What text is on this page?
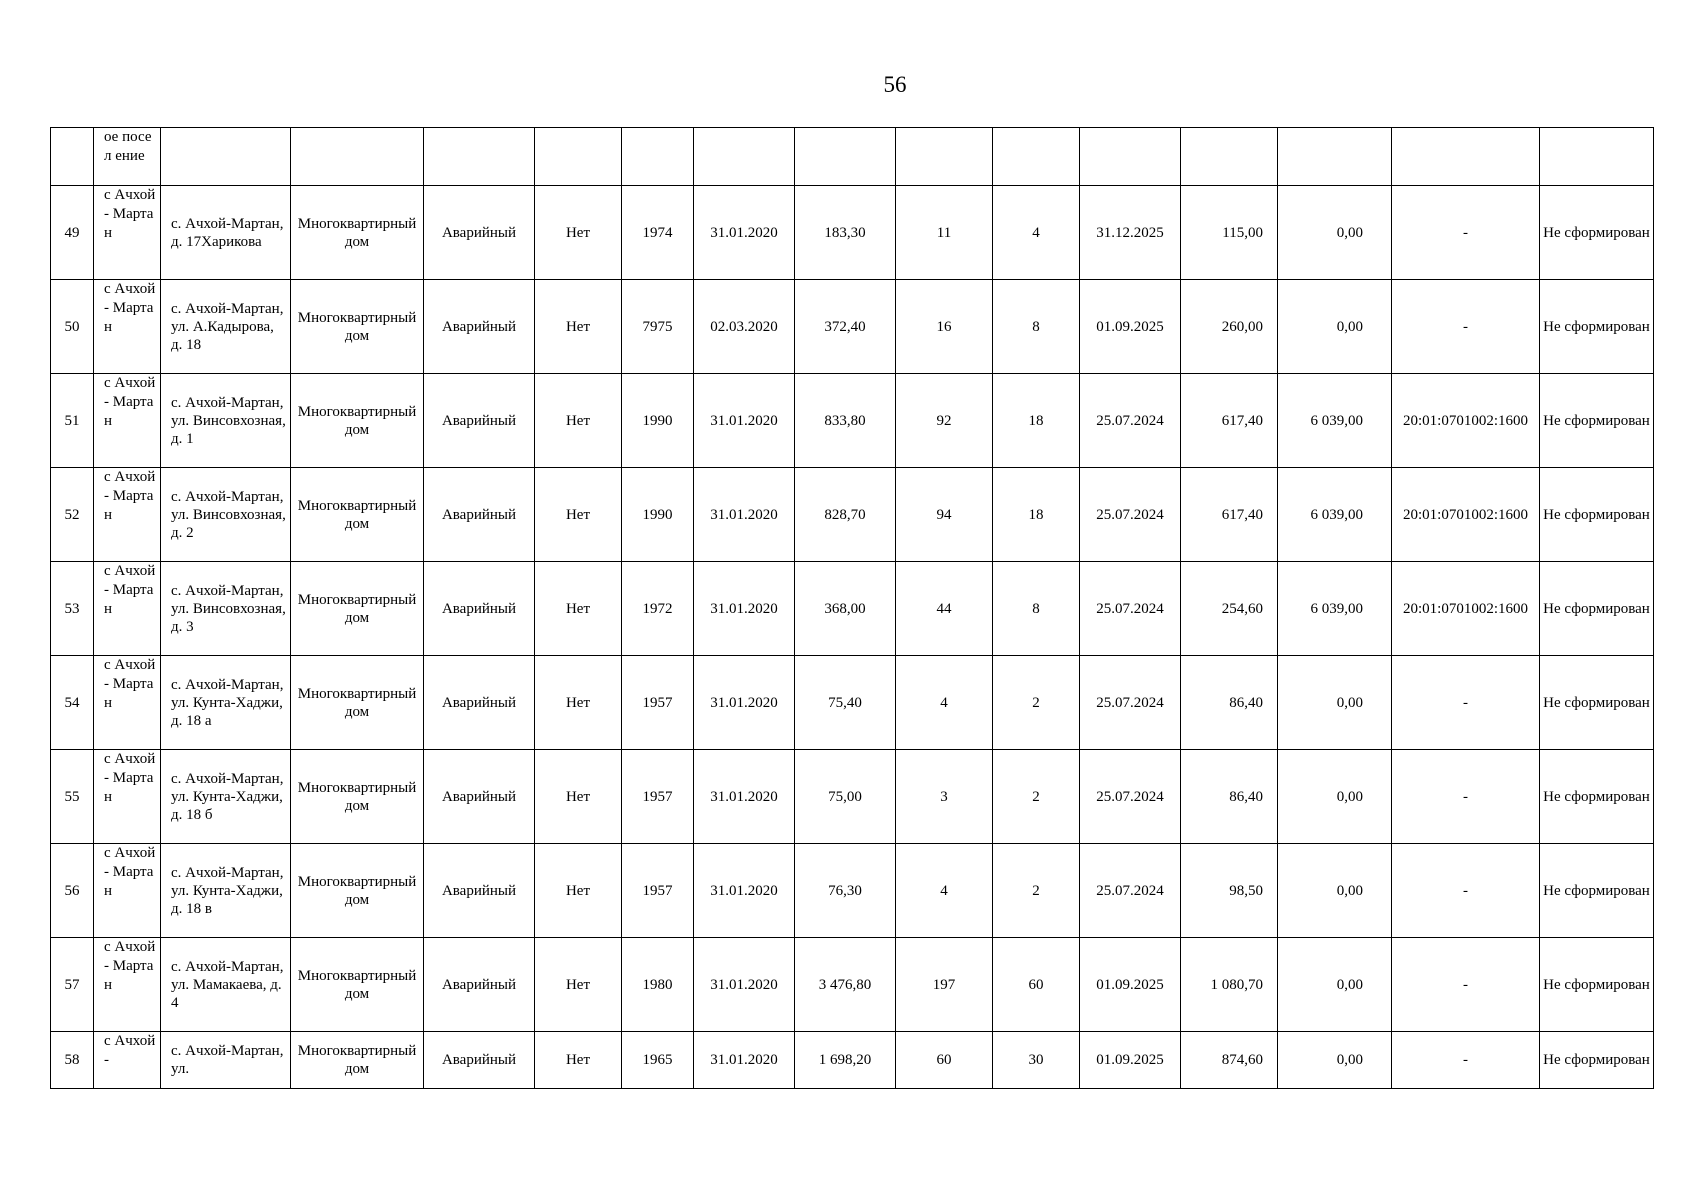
56
	ое посел ение														
49	с Ачхой - Марта н	с. Ачхой-Мартан, д. 17Харикова	Многоквартирный дом	Аварийный	Нет	1974	31.01.2020	183,30	11	4	31.12.2025	115,00	0,00	-	Не сформирован
50	с Ачхой - Марта н	с. Ачхой-Мартан, ул. А.Кадырова, д. 18	Многоквартирный дом	Аварийный	Нет	7975	02.03.2020	372,40	16	8	01.09.2025	260,00	0,00	-	Не сформирован
51	с Ачхой - Марта н	с. Ачхой-Мартан, ул. Винсовхозная, д. 1	Многоквартирный дом	Аварийный	Нет	1990	31.01.2020	833,80	92	18	25.07.2024	617,40	6 039,00	20:01:0701002:1600	Не сформирован
52	с Ачхой - Марта н	с. Ачхой-Мартан, ул. Винсовхозная, д. 2	Многоквартирный дом	Аварийный	Нет	1990	31.01.2020	828,70	94	18	25.07.2024	617,40	6 039,00	20:01:0701002:1600	Не сформирован
53	с Ачхой - Марта н	с. Ачхой-Мартан, ул. Винсовхозная, д. 3	Многоквартирный дом	Аварийный	Нет	1972	31.01.2020	368,00	44	8	25.07.2024	254,60	6 039,00	20:01:0701002:1600	Не сформирован
54	с Ачхой - Марта н	с. Ачхой-Мартан, ул. Кунта-Хаджи, д. 18 а	Многоквартирный дом	Аварийный	Нет	1957	31.01.2020	75,40	4	2	25.07.2024	86,40	0,00	-	Не сформирован
55	с Ачхой - Марта н	с. Ачхой-Мартан, ул. Кунта-Хаджи, д. 18 б	Многоквартирный дом	Аварийный	Нет	1957	31.01.2020	75,00	3	2	25.07.2024	86,40	0,00	-	Не сформирован
56	с Ачхой - Марта н	с. Ачхой-Мартан, ул. Кунта-Хаджи, д. 18 в	Многоквартирный дом	Аварийный	Нет	1957	31.01.2020	76,30	4	2	25.07.2024	98,50	0,00	-	Не сформирован
57	с Ачхой - Марта н	с. Ачхой-Мартан, ул. Мамакаева, д. 4	Многоквартирный дом	Аварийный	Нет	1980	31.01.2020	3 476,80	197	60	01.09.2025	1 080,70	0,00	-	Не сформирован
58	с Ачхой -	с. Ачхой-Мартан, ул.	Многоквартирный дом	Аварийный	Нет	1965	31.01.2020	1 698,20	60	30	01.09.2025	874,60	0,00	-	Не сформирован
